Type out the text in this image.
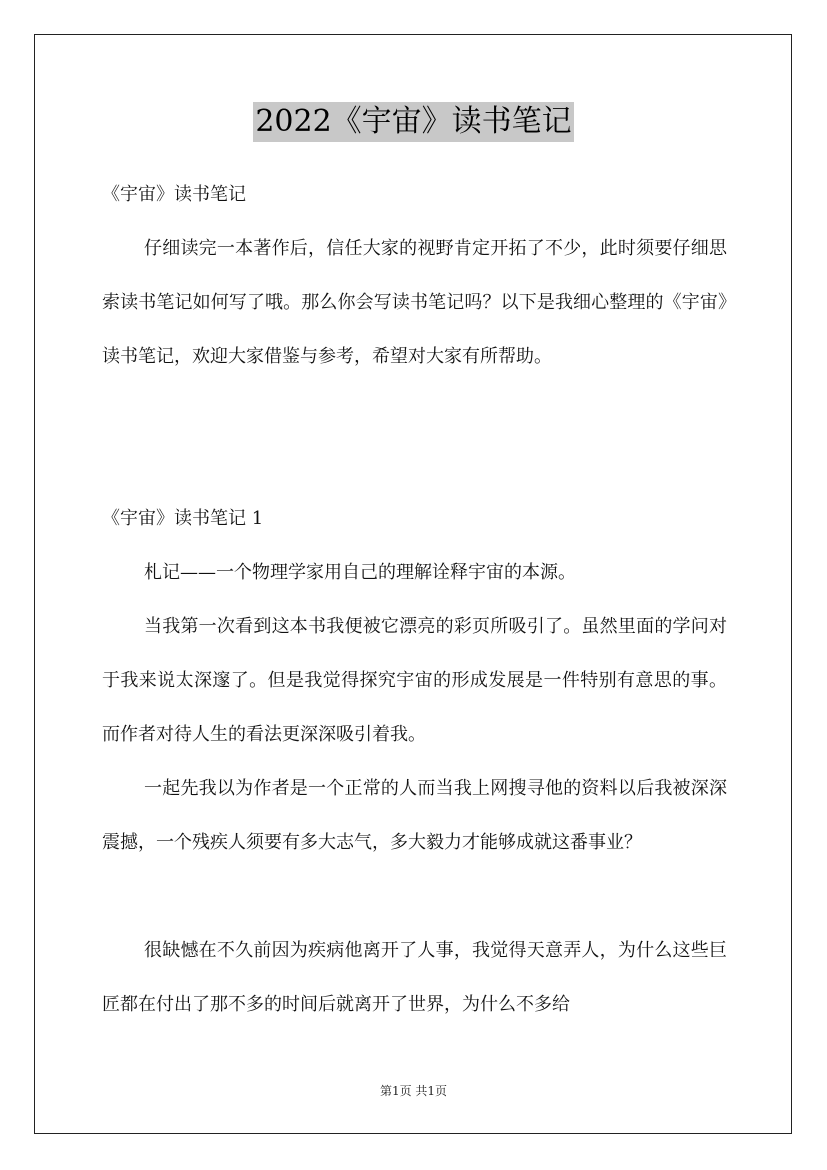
2022《宇宙》读书笔记

《宇宙》读书笔记

仔细读完一本著作后，信任大家的视野肯定开拓了不少，此时须要仔细思索读书笔记如何写了哦。那么你会写读书笔记吗？以下是我细心整理的《宇宙》读书笔记，欢迎大家借鉴与参考，希望对大家有所帮助。

《宇宙》读书笔记 1

札记——一个物理学家用自己的理解诠释宇宙的本源。

当我第一次看到这本书我便被它漂亮的彩页所吸引了。虽然里面的学问对于我来说太深邃了。但是我觉得探究宇宙的形成发展是一件特别有意思的事。而作者对待人生的看法更深深吸引着我。

一起先我以为作者是一个正常的人而当我上网搜寻他的资料以后我被深深震撼，一个残疾人须要有多大志气，多大毅力才能够成就这番事业？

很缺憾在不久前因为疾病他离开了人事，我觉得天意弄人，为什么这些巨匠都在付出了那不多的时间后就离开了世界，为什么不多给

第1页 共1页
